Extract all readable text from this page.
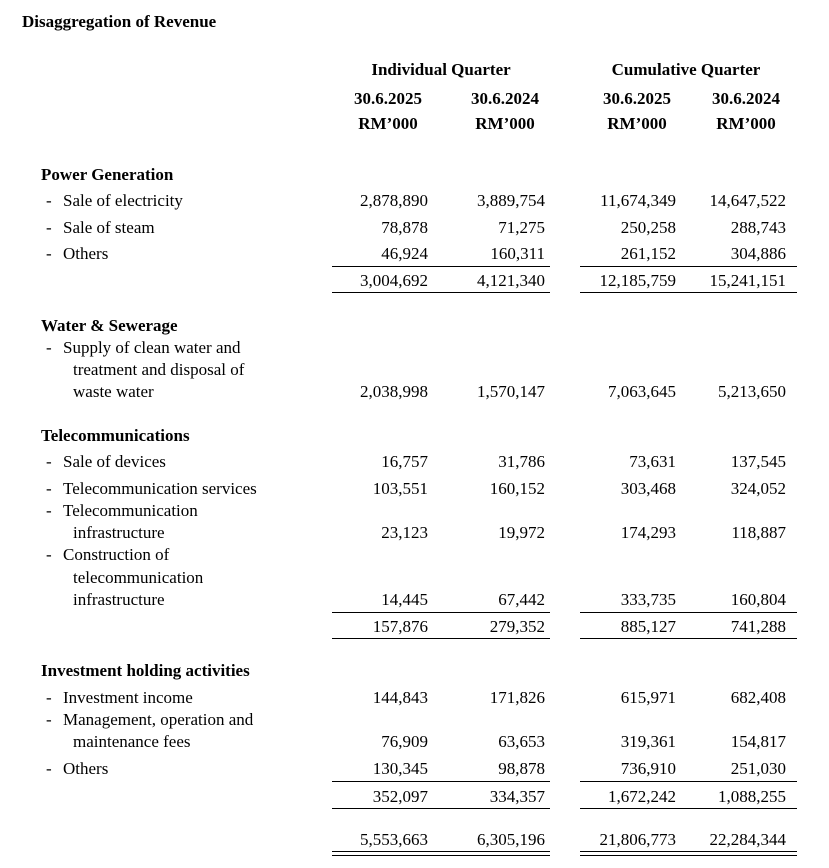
Disaggregation of Revenue
Individual Quarter	Cumulative Quarter
30.6.2025	30.6.2024	30.6.2025	30.6.2024
RM’000	RM’000	RM’000	RM’000
Power Generation
- Sale of electricity	2,878,890	3,889,754	11,674,349	14,647,522
- Sale of steam	78,878	71,275	250,258	288,743
- Others	46,924	160,311	261,152	304,886
3,004,692	4,121,340	12,185,759	15,241,151
Water & Sewerage
- Supply of clean water and
treatment and disposal of
waste water	2,038,998	1,570,147	7,063,645	5,213,650
Telecommunications
- Sale of devices	16,757	31,786	73,631	137,545
- Telecommunication services	103,551	160,152	303,468	324,052
- Telecommunication
infrastructure	23,123	19,972	174,293	118,887
- Construction of
telecommunication
infrastructure	14,445	67,442	333,735	160,804
157,876	279,352	885,127	741,288
Investment holding activities
- Investment income	144,843	171,826	615,971	682,408
- Management, operation and
maintenance fees	76,909	63,653	319,361	154,817
- Others	130,345	98,878	736,910	251,030
352,097	334,357	1,672,242	1,088,255
5,553,663	6,305,196	21,806,773	22,284,344
